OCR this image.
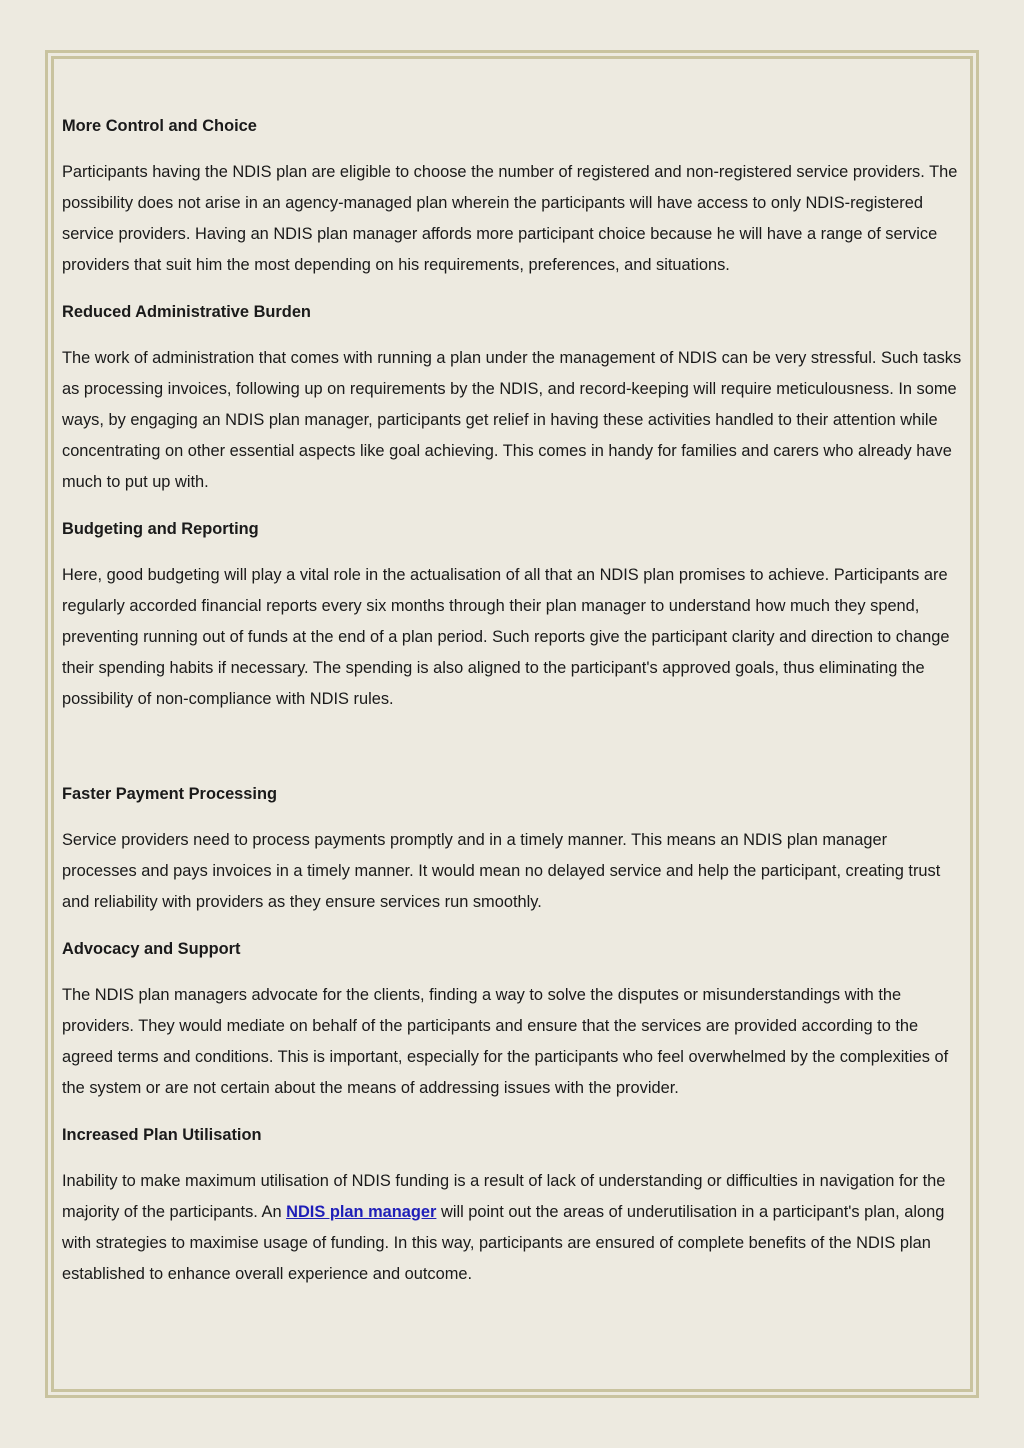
More Control and Choice

Participants having the NDIS plan are eligible to choose the number of registered and non-registered service providers. The possibility does not arise in an agency-managed plan wherein the participants will have access to only NDIS-registered service providers. Having an NDIS plan manager affords more participant choice because he will have a range of service providers that suit him the most depending on his requirements, preferences, and situations.

Reduced Administrative Burden

The work of administration that comes with running a plan under the management of NDIS can be very stressful. Such tasks as processing invoices, following up on requirements by the NDIS, and record-keeping will require meticulousness. In some ways, by engaging an NDIS plan manager, participants get relief in having these activities handled to their attention while concentrating on other essential aspects like goal achieving. This comes in handy for families and carers who already have much to put up with.

Budgeting and Reporting

Here, good budgeting will play a vital role in the actualisation of all that an NDIS plan promises to achieve. Participants are regularly accorded financial reports every six months through their plan manager to understand how much they spend, preventing running out of funds at the end of a plan period. Such reports give the participant clarity and direction to change their spending habits if necessary. The spending is also aligned to the participant's approved goals, thus eliminating the possibility of non-compliance with NDIS rules.

Faster Payment Processing

Service providers need to process payments promptly and in a timely manner. This means an NDIS plan manager processes and pays invoices in a timely manner. It would mean no delayed service and help the participant, creating trust and reliability with providers as they ensure services run smoothly.

Advocacy and Support

The NDIS plan managers advocate for the clients, finding a way to solve the disputes or misunderstandings with the providers. They would mediate on behalf of the participants and ensure that the services are provided according to the agreed terms and conditions. This is important, especially for the participants who feel overwhelmed by the complexities of the system or are not certain about the means of addressing issues with the provider.

Increased Plan Utilisation

Inability to make maximum utilisation of NDIS funding is a result of lack of understanding or difficulties in navigation for the majority of the participants. An NDIS plan manager will point out the areas of underutilisation in a participant's plan, along with strategies to maximise usage of funding. In this way, participants are ensured of complete benefits of the NDIS plan established to enhance overall experience and outcome.
